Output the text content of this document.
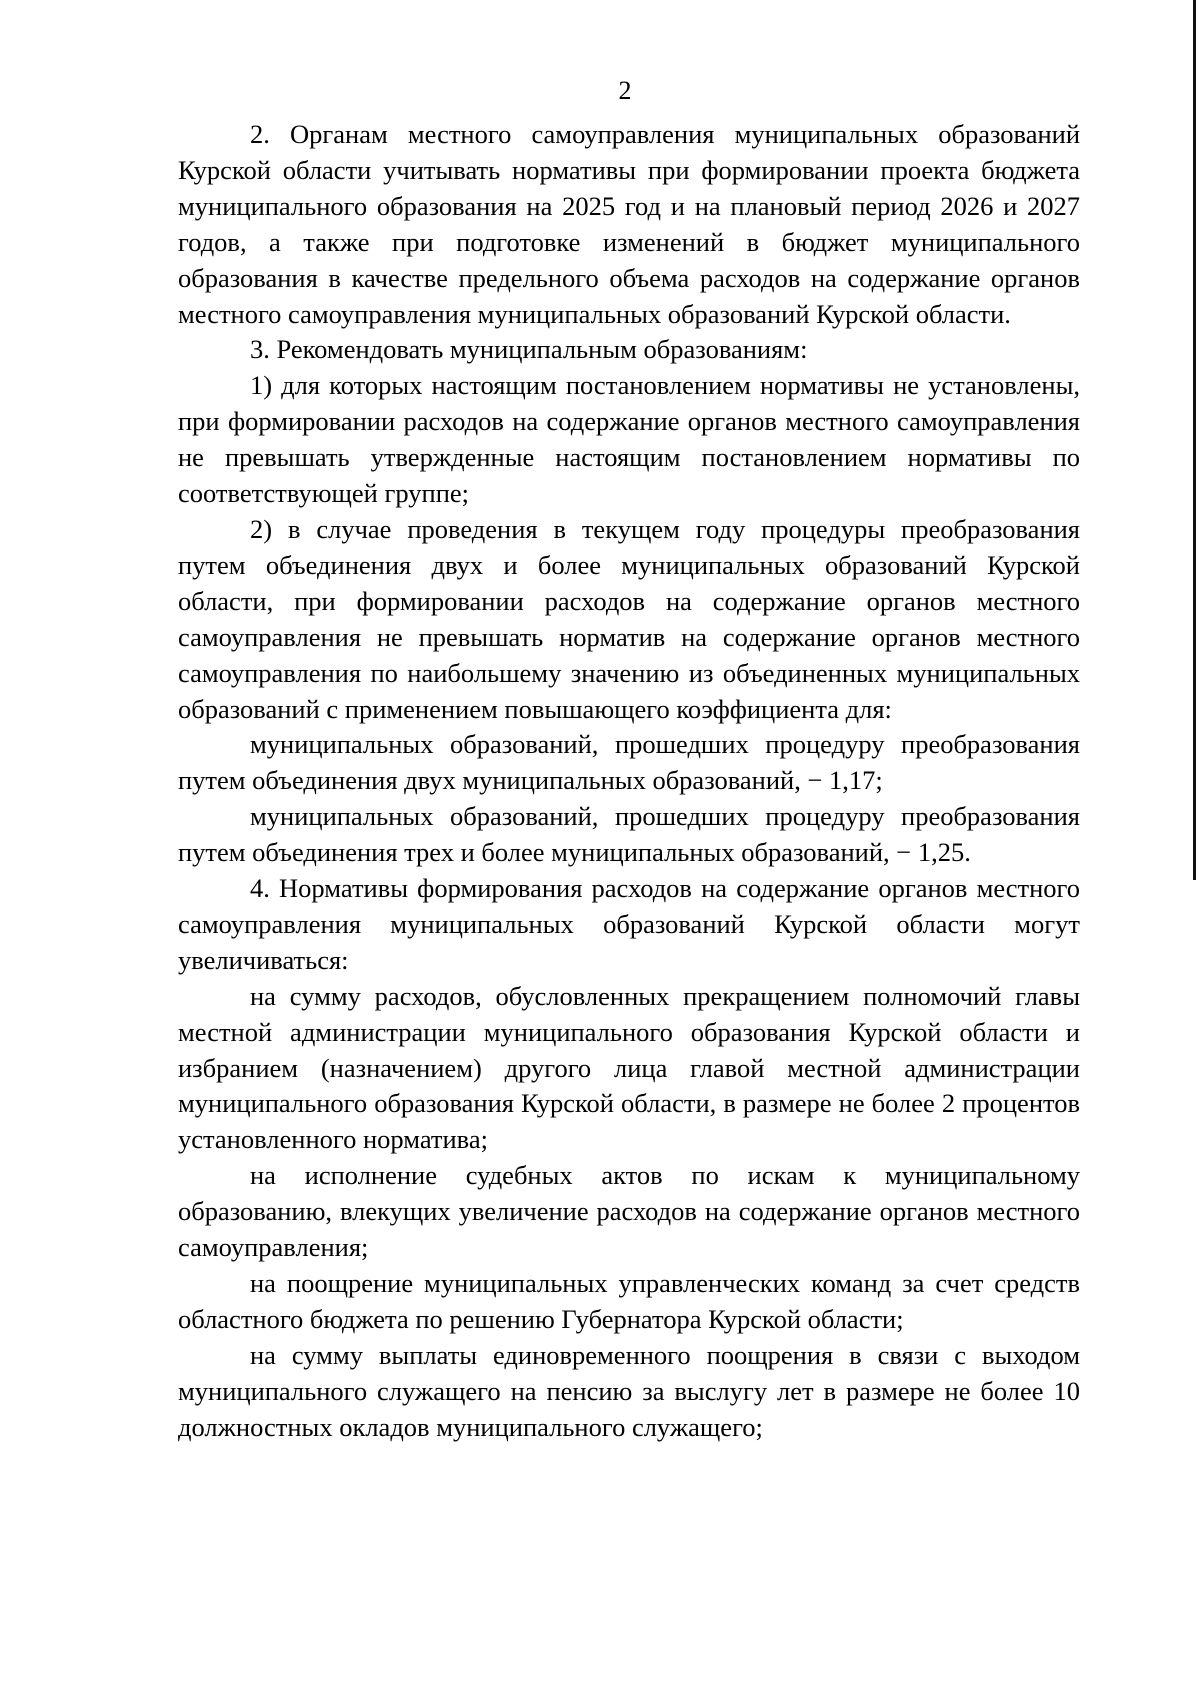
2

2. Органам местного самоуправления муниципальных образований Курской области учитывать нормативы при формировании проекта бюджета муниципального образования на 2025 год и на плановый период 2026 и 2027 годов, а также при подготовке изменений в бюджет муниципального образования в качестве предельного объема расходов на содержание органов местного самоуправления муниципальных образований Курской области.

3. Рекомендовать муниципальным образованиям:

1) для которых настоящим постановлением нормативы не установлены, при формировании расходов на содержание органов местного самоуправления не превышать утвержденные настоящим постановлением нормативы по соответствующей группе;

2) в случае проведения в текущем году процедуры преобразования путем объединения двух и более муниципальных образований Курской области, при формировании расходов на содержание органов местного самоуправления не превышать норматив на содержание органов местного самоуправления по наибольшему значению из объединенных муниципальных образований с применением повышающего коэффициента для:

муниципальных образований, прошедших процедуру преобразования путем объединения двух муниципальных образований, − 1,17;

муниципальных образований, прошедших процедуру преобразования путем объединения трех и более муниципальных образований, − 1,25.

4. Нормативы формирования расходов на содержание органов местного самоуправления муниципальных образований Курской области могут увеличиваться:

на сумму расходов, обусловленных прекращением полномочий главы местной администрации муниципального образования Курской области и избранием (назначением) другого лица главой местной администрации муниципального образования Курской области, в размере не более 2 процентов установленного норматива;

на исполнение судебных актов по искам к муниципальному образованию, влекущих увеличение расходов на содержание органов местного самоуправления;

на поощрение муниципальных управленческих команд за счет средств областного бюджета по решению Губернатора Курской области;

на сумму выплаты единовременного поощрения в связи с выходом муниципального служащего на пенсию за выслугу лет в размере не более 10 должностных окладов муниципального служащего;
